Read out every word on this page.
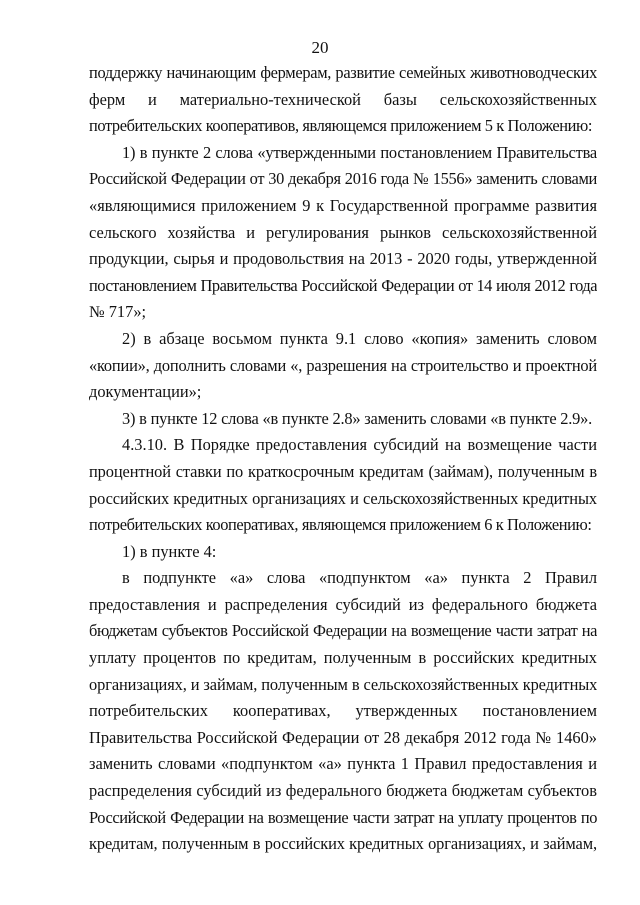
20
поддержку начинающим фермерам, развитие семейных животноводческих
ферм и материально-технической базы сельскохозяйственных
потребительских кооперативов, являющемся приложением 5 к Положению:
1) в пункте 2 слова «утвержденными постановлением Правительства
Российской Федерации от 30 декабря 2016 года № 1556» заменить словами
«являющимися приложением 9 к Государственной программе развития
сельского хозяйства и регулирования рынков сельскохозяйственной
продукции, сырья и продовольствия на 2013 - 2020 годы, утвержденной
постановлением Правительства Российской Федерации от 14 июля 2012 года
№ 717»;
2) в абзаце восьмом пункта 9.1 слово «копия» заменить словом
«копии», дополнить словами «, разрешения на строительство и проектной
документации»;
3) в пункте 12 слова «в пункте 2.8» заменить словами «в пункте 2.9».
4.3.10. В Порядке предоставления субсидий на возмещение части
процентной ставки по краткосрочным кредитам (займам), полученным в
российских кредитных организациях и сельскохозяйственных кредитных
потребительских кооперативах, являющемся приложением 6 к Положению:
1) в пункте 4:
в подпункте «а» слова «подпунктом «а» пункта 2 Правил
предоставления и распределения субсидий из федерального бюджета
бюджетам субъектов Российской Федерации на возмещение части затрат на
уплату процентов по кредитам, полученным в российских кредитных
организациях, и займам, полученным в сельскохозяйственных кредитных
потребительских кооперативах, утвержденных постановлением
Правительства Российской Федерации от 28 декабря 2012 года № 1460»
заменить словами «подпунктом «а» пункта 1 Правил предоставления и
распределения субсидий из федерального бюджета бюджетам субъектов
Российской Федерации на возмещение части затрат на уплату процентов по
кредитам, полученным в российских кредитных организациях, и займам,
